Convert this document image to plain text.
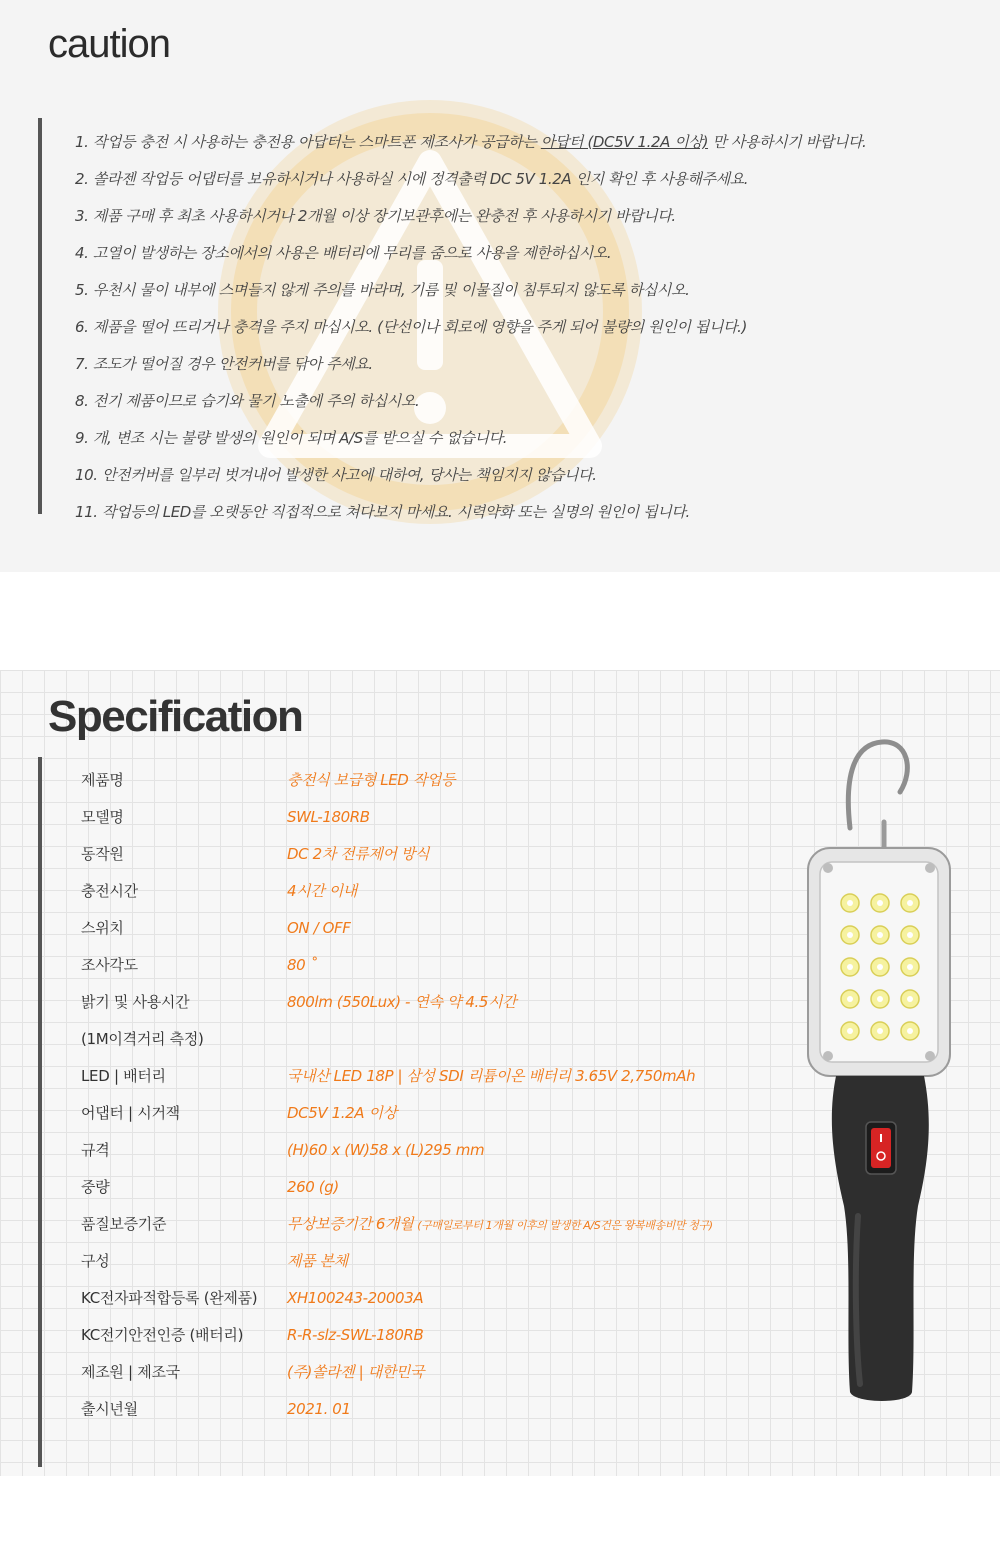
caution
1. 작업등 충전 시 사용하는 충전용 아답터는 스마트폰 제조사가 공급하는 아답터 (DC5V 1.2A 이상) 만 사용하시기 바랍니다.
2. 쏠라젠 작업등 어댑터를 보유하시거나 사용하실 시에 정격출력 DC 5V 1.2A 인지 확인 후 사용해주세요.
3. 제품 구매 후 최초 사용하시거나 2개월 이상 장기보관후에는 완충전 후 사용하시기 바랍니다.
4. 고열이 발생하는 장소에서의 사용은 배터리에 무리를 줌으로 사용을 제한하십시오.
5. 우천시 물이 내부에 스며들지 않게 주의를 바라며, 기름 및 이물질이 침투되지 않도록 하십시오.
6. 제품을 떨어 뜨리거나 충격을 주지 마십시오. (단선이나 회로에 영향을 주게 되어 불량의 원인이 됩니다.)
7. 조도가 떨어질 경우 안전커버를 닦아 주세요.
8. 전기 제품이므로 습기와 물기 노출에 주의 하십시오.
9. 개, 변조 시는 불량 발생의 원인이 되며 A/S를 받으실 수 없습니다.
10. 안전커버를 일부러 벗겨내어 발생한 사고에 대하여, 당사는 책임지지 않습니다.
11. 작업등의 LED를 오랫동안 직접적으로 쳐다보지 마세요. 시력약화 또는 실명의 원인이 됩니다.
Specification
제품명	충전식 보급형 LED 작업등
모델명	SWL-180RB
동작원	DC 2차 전류제어 방식
충전시간	4시간 이내
스위치	ON / OFF
조사각도	80 ˚
밝기 및 사용시간	800lm (550Lux) - 연속 약 4.5시간
(1M이격거리 측정)
LED | 배터리	국내산 LED 18P | 삼성 SDI 리튬이온 배터리 3.65V 2,750mAh
어댑터 | 시거잭	DC5V 1.2A 이상
규격	(H)60 x (W)58 x (L)295 mm
중량	260 (g)
품질보증기준	무상보증기간 6개월 (구매일로부터 1개월 이후의 발생한 A/S건은 왕복배송비만 청구)
구성	제품 본체
KC전자파적합등록 (완제품) XH100243-20003A
KC전기안전인증 (배터리)	R-R-slz-SWL-180RB
제조원 | 제조국	(주)쏠라젠 | 대한민국
출시년월	2021. 01
